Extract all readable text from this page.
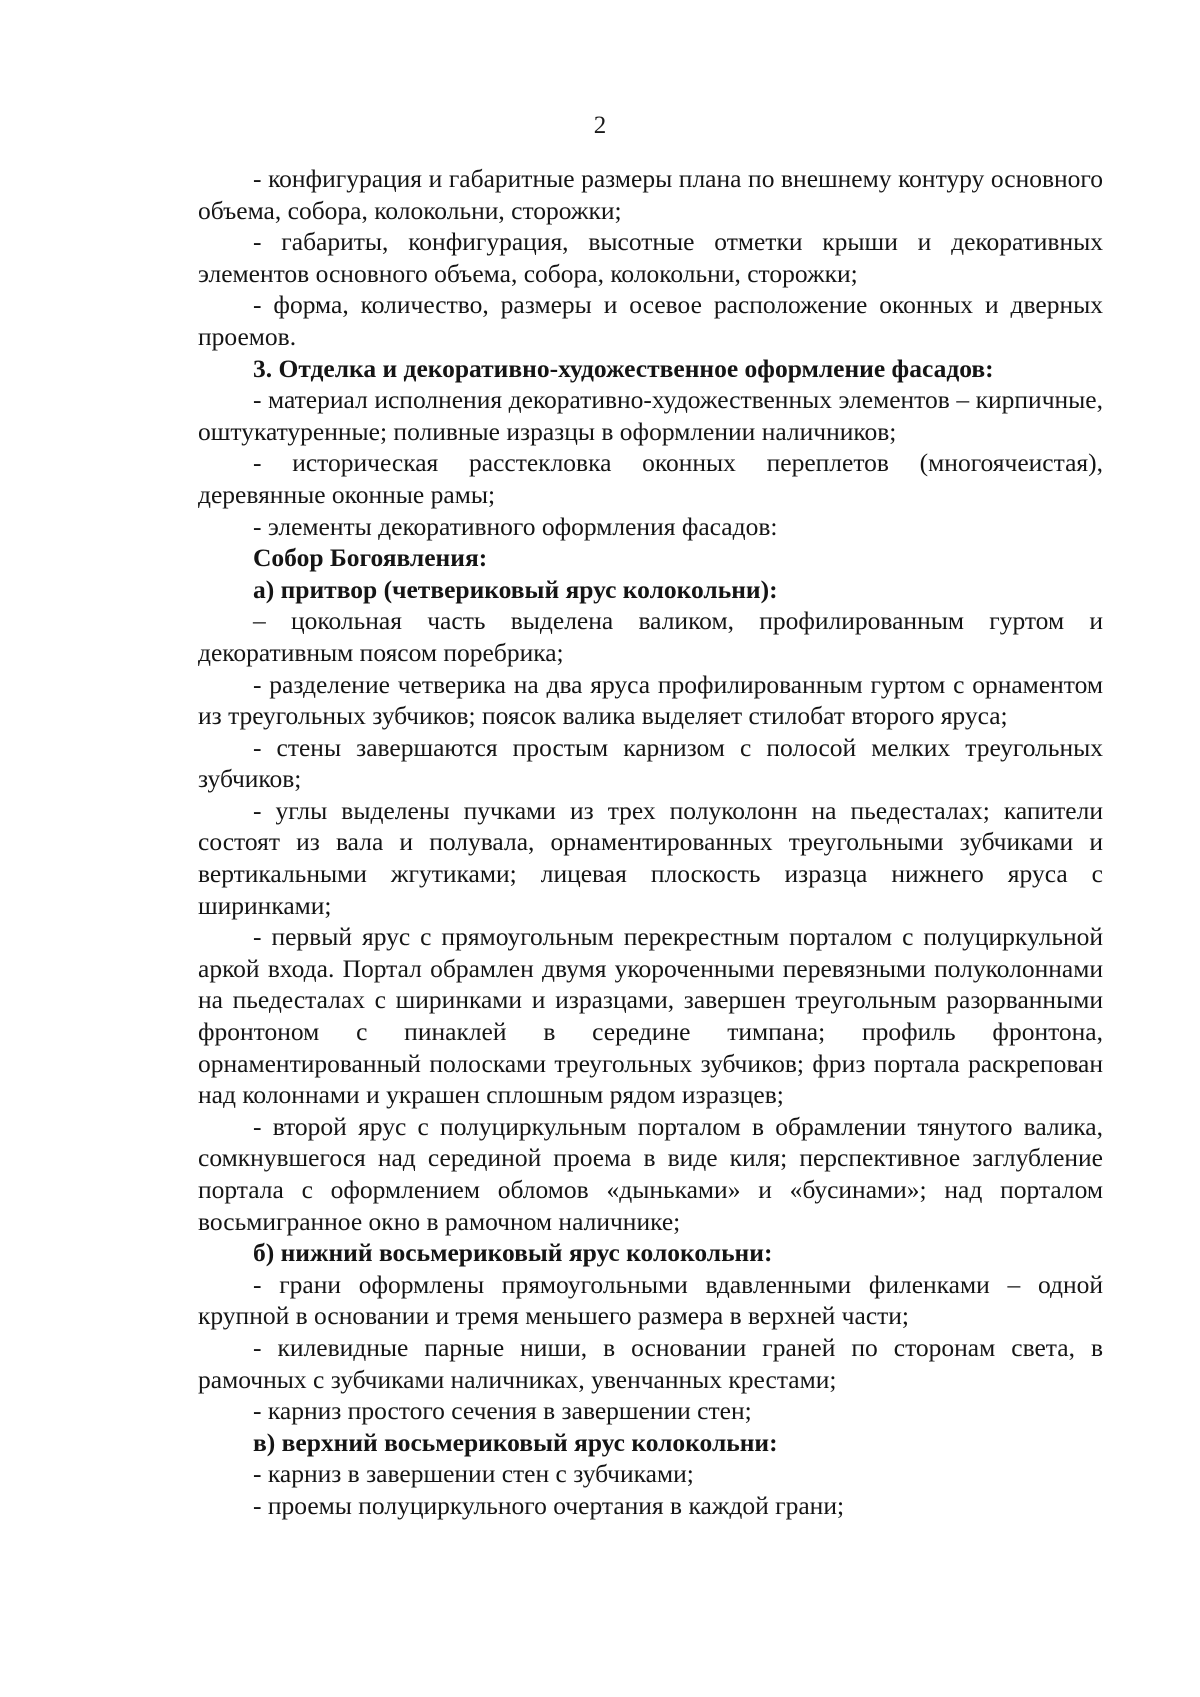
2

- конфигурация и габаритные размеры плана по внешнему контуру основного объема, собора, колокольни, сторожки;

- габариты, конфигурация, высотные отметки крыши и декоративных элементов основного объема, собора, колокольни, сторожки;

- форма, количество, размеры и осевое расположение оконных и дверных проемов.

3. Отделка и декоративно-художественное оформление фасадов:

- материал исполнения декоративно-художественных элементов – кирпичные, оштукатуренные; поливные изразцы в оформлении наличников;

- историческая расстекловка оконных переплетов (многоячеистая), деревянные оконные рамы;

- элементы декоративного оформления фасадов:

Собор Богоявления:

а) притвор (четвериковый ярус колокольни):

– цокольная часть выделена валиком, профилированным гуртом и декоративным поясом поребрика;

- разделение четверика на два яруса профилированным гуртом с орнаментом из треугольных зубчиков; поясок валика выделяет стилобат второго яруса;

- стены завершаются простым карнизом с полосой мелких треугольных зубчиков;

- углы выделены пучками из трех полуколонн на пьедесталах; капители состоят из вала и полувала, орнаментированных треугольными зубчиками и вертикальными жгутиками; лицевая плоскость изразца нижнего яруса с ширинками;

- первый ярус с прямоугольным перекрестным порталом с полуциркульной аркой входа. Портал обрамлен двумя укороченными перевязными полуколоннами на пьедесталах с ширинками и изразцами, завершен треугольным разорванными фронтоном с пинаклей в середине тимпана; профиль фронтона, орнаментированный полосками треугольных зубчиков; фриз портала раскрепован над колоннами и украшен сплошным рядом изразцев;

- второй ярус с полуциркульным порталом в обрамлении тянутого валика, сомкнувшегося над серединой проема в виде киля; перспективное заглубление портала с оформлением обломов «дыньками» и «бусинами»; над порталом восьмигранное окно в рамочном наличнике;

б) нижний восьмериковый ярус колокольни:

- грани оформлены прямоугольными вдавленными филенками – одной крупной в основании и тремя меньшего размера в верхней части;

- килевидные парные ниши, в основании граней по сторонам света, в рамочных с зубчиками наличниках, увенчанных крестами;

- карниз простого сечения в завершении стен;

в) верхний восьмериковый ярус колокольни:

- карниз в завершении стен с зубчиками;

- проемы полуциркульного очертания в каждой грани;
